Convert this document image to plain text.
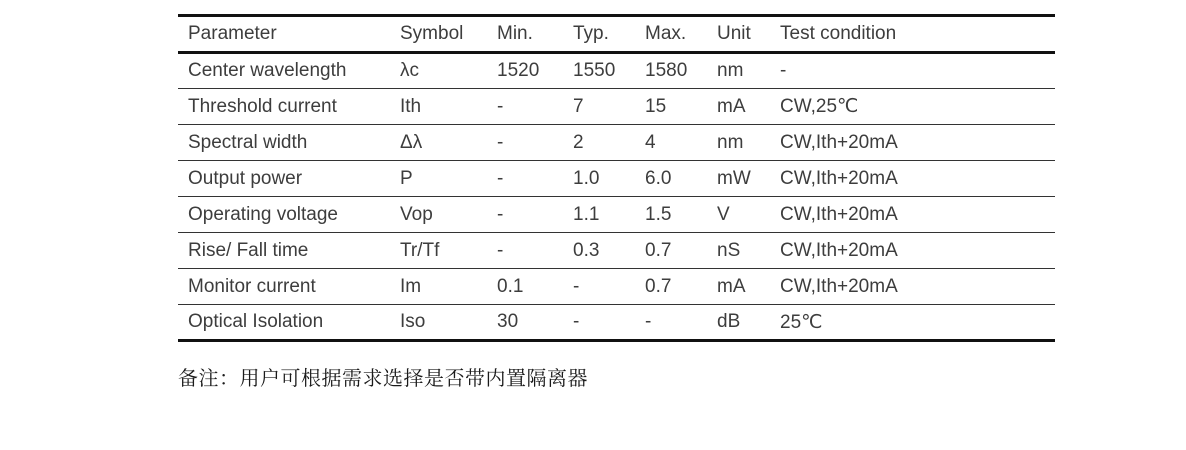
Parameter	Symbol	Min.	Typ.	Max.	Unit	Test condition
Center wavelength	λc	1520	1550	1580	nm	-
Threshold current	Ith	-	7	15	mA	CW,25℃
Spectral width	Δλ	-	2	4	nm	CW,Ith+20mA
Output power	P	-	1.0	6.0	mW	CW,Ith+20mA
Operating voltage	Vop	-	1.1	1.5	V	CW,Ith+20mA
Rise/ Fall time	Tr/Tf	-	0.3	0.7	nS	CW,Ith+20mA
Monitor current	Im	0.1	-	0.7	mA	CW,Ith+20mA
Optical Isolation	Iso	30	-	-	dB	25℃

备注：用户可根据需求选择是否带内置隔离器
